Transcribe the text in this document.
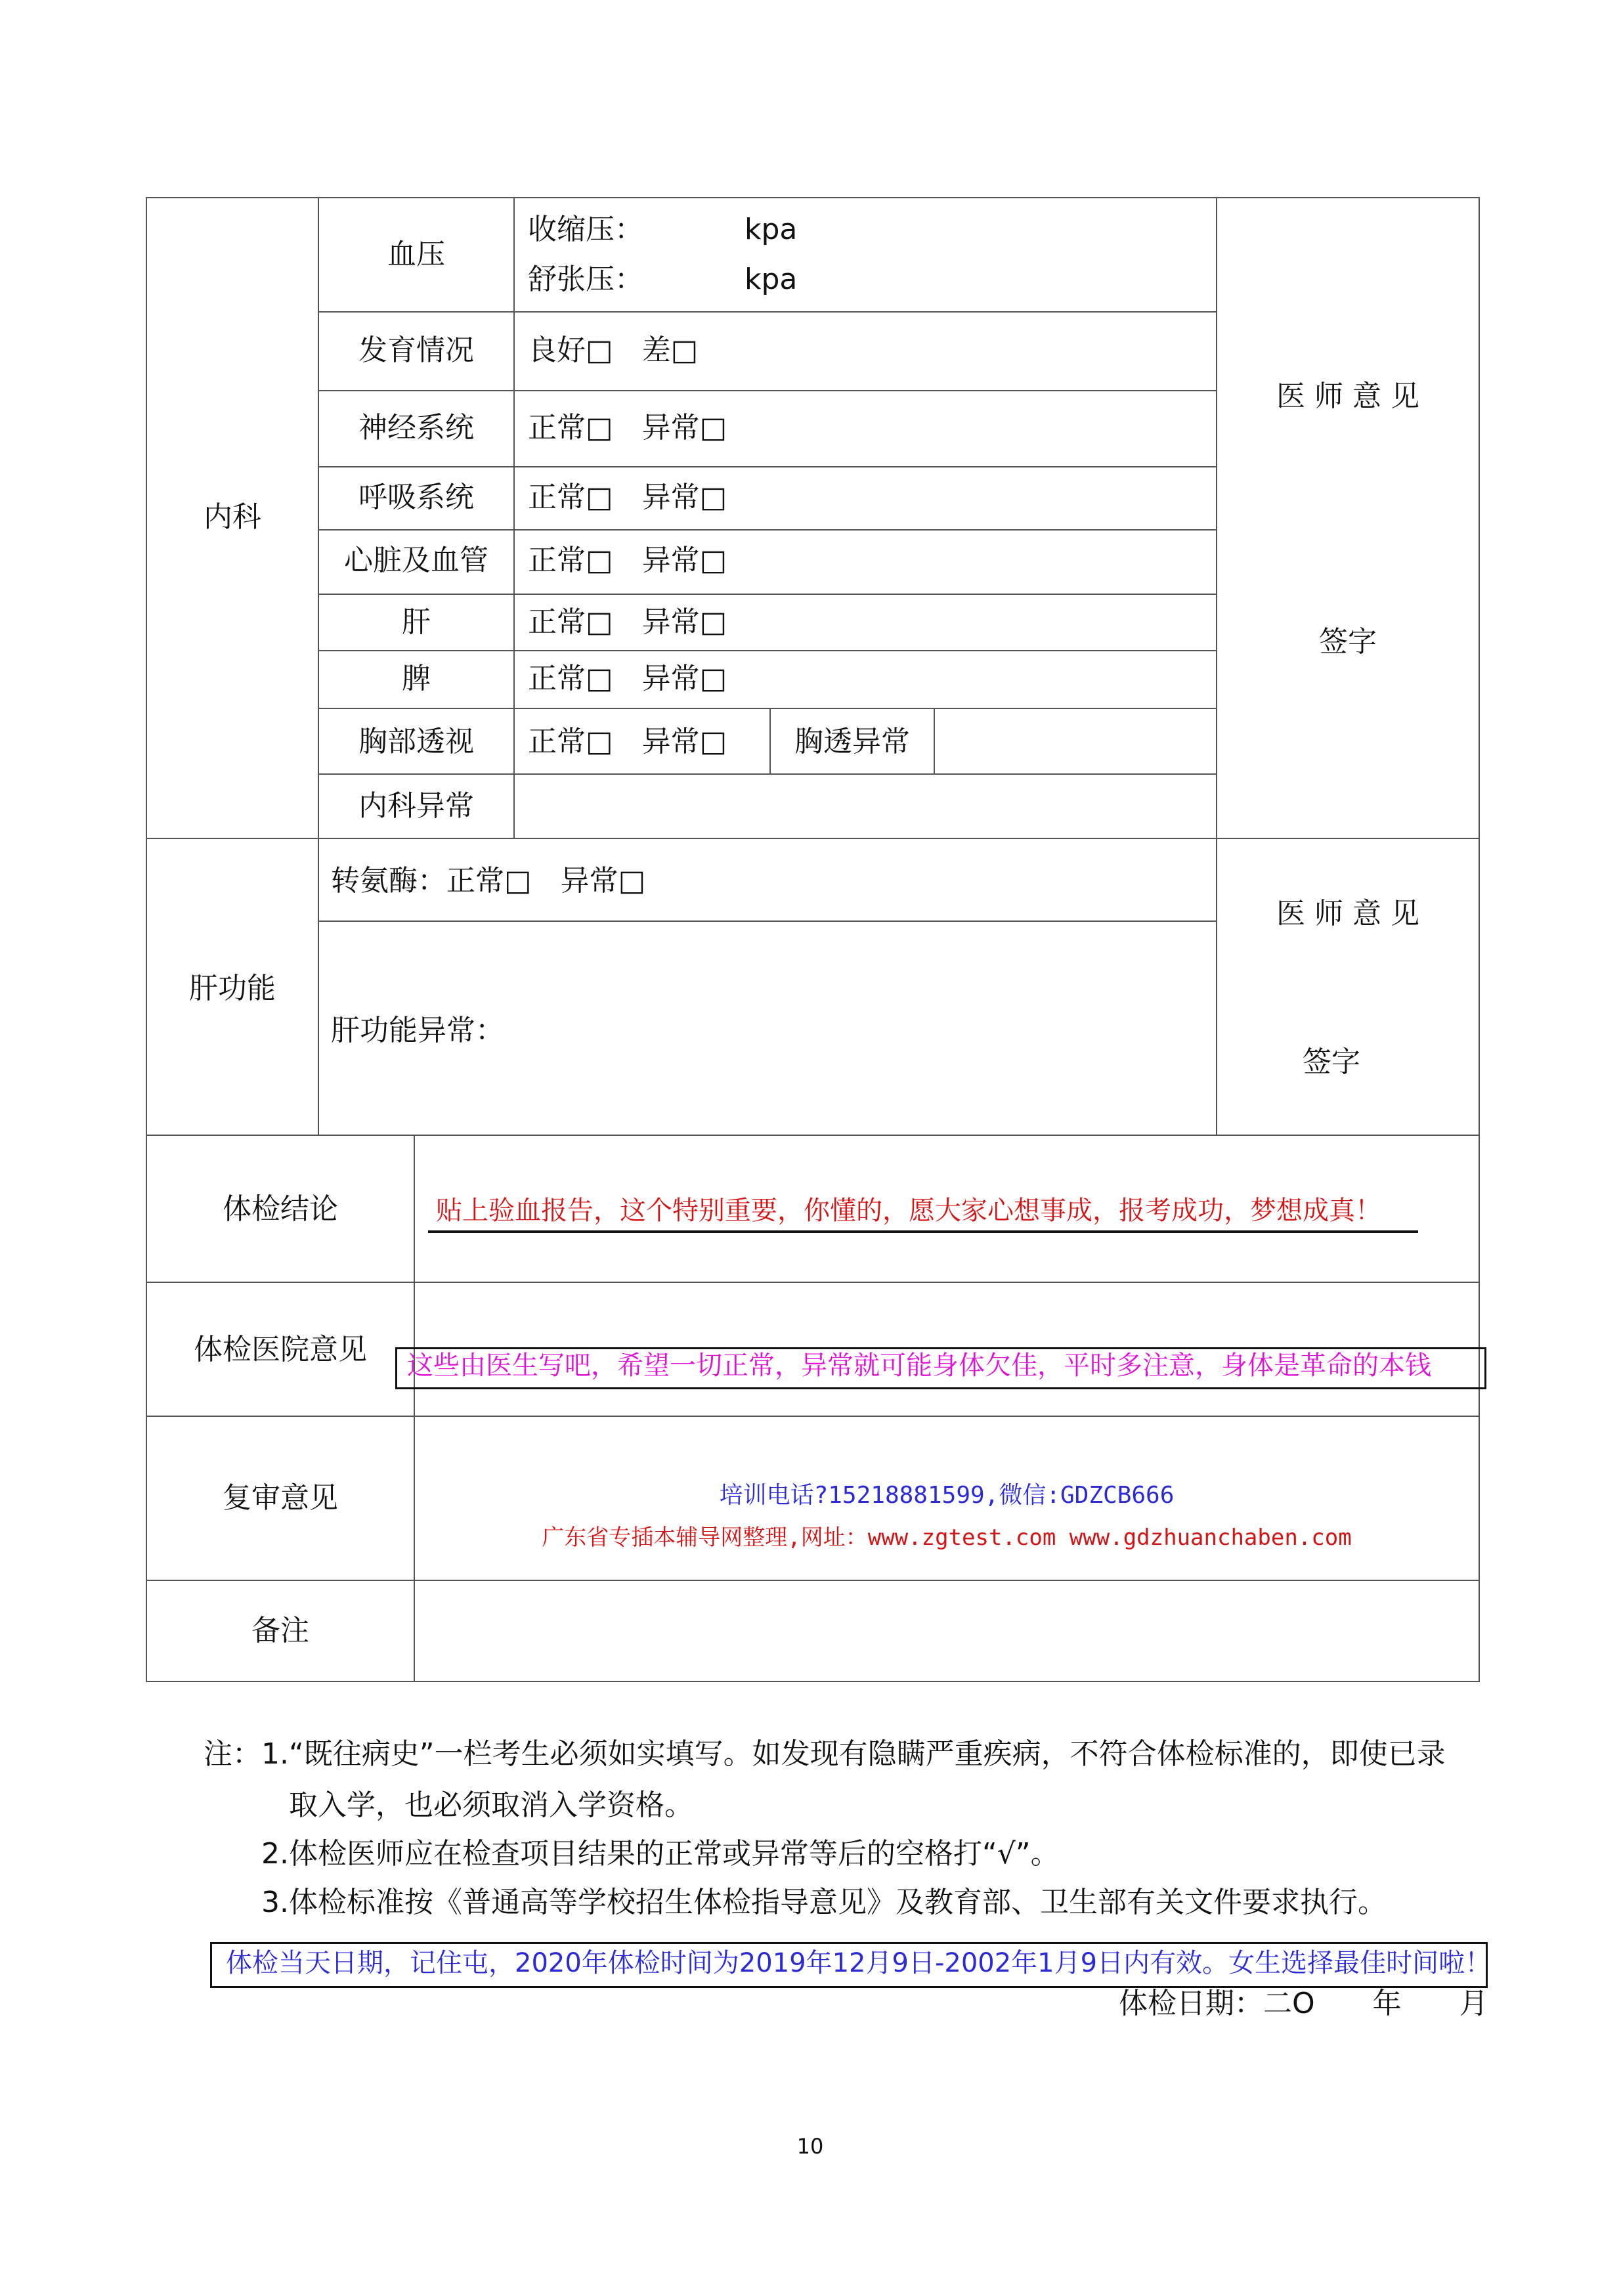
内科
血压
收缩压：	kpa
舒张压：	kpa
发育情况	良好□　差□
神经系统	正常□　异常□
呼吸系统	正常□　异常□
心脏及血管	正常□　异常□
肝	正常□　异常□
脾	正常□　异常□
胸部透视	正常□　异常□	胸透异常
内科异常
医 师 意 见
签字
肝功能
转氨酶：正常□　异常□
肝功能异常：
医 师 意 见
签字
体检结论	贴上验血报告，这个特别重要，你懂的，愿大家心想事成，报考成功，梦想成真！
体检医院意见	这些由医生写吧，希望一切正常，异常就可能身体欠佳，平时多注意，身体是革命的本钱
复审意见	培训电话?15218881599,微信:GDZCB666
广东省专插本辅导网整理,网址：www.zgtest.com www.gdzhuanchaben.com
备注
注：1.“既往病史”一栏考生必须如实填写。如发现有隐瞒严重疾病，不符合体检标准的，即使已录
取入学，也必须取消入学资格。
2.体检医师应在检查项目结果的正常或异常等后的空格打“√”。
3.体检标准按《普通高等学校招生体检指导意见》及教育部、卫生部有关文件要求执行。
体检当天日期，记住屯，2020年体检时间为2019年12月9日-2002年1月9日内有效。女生选择最佳时间啦！
体检日期：二O　　年　　月
10
